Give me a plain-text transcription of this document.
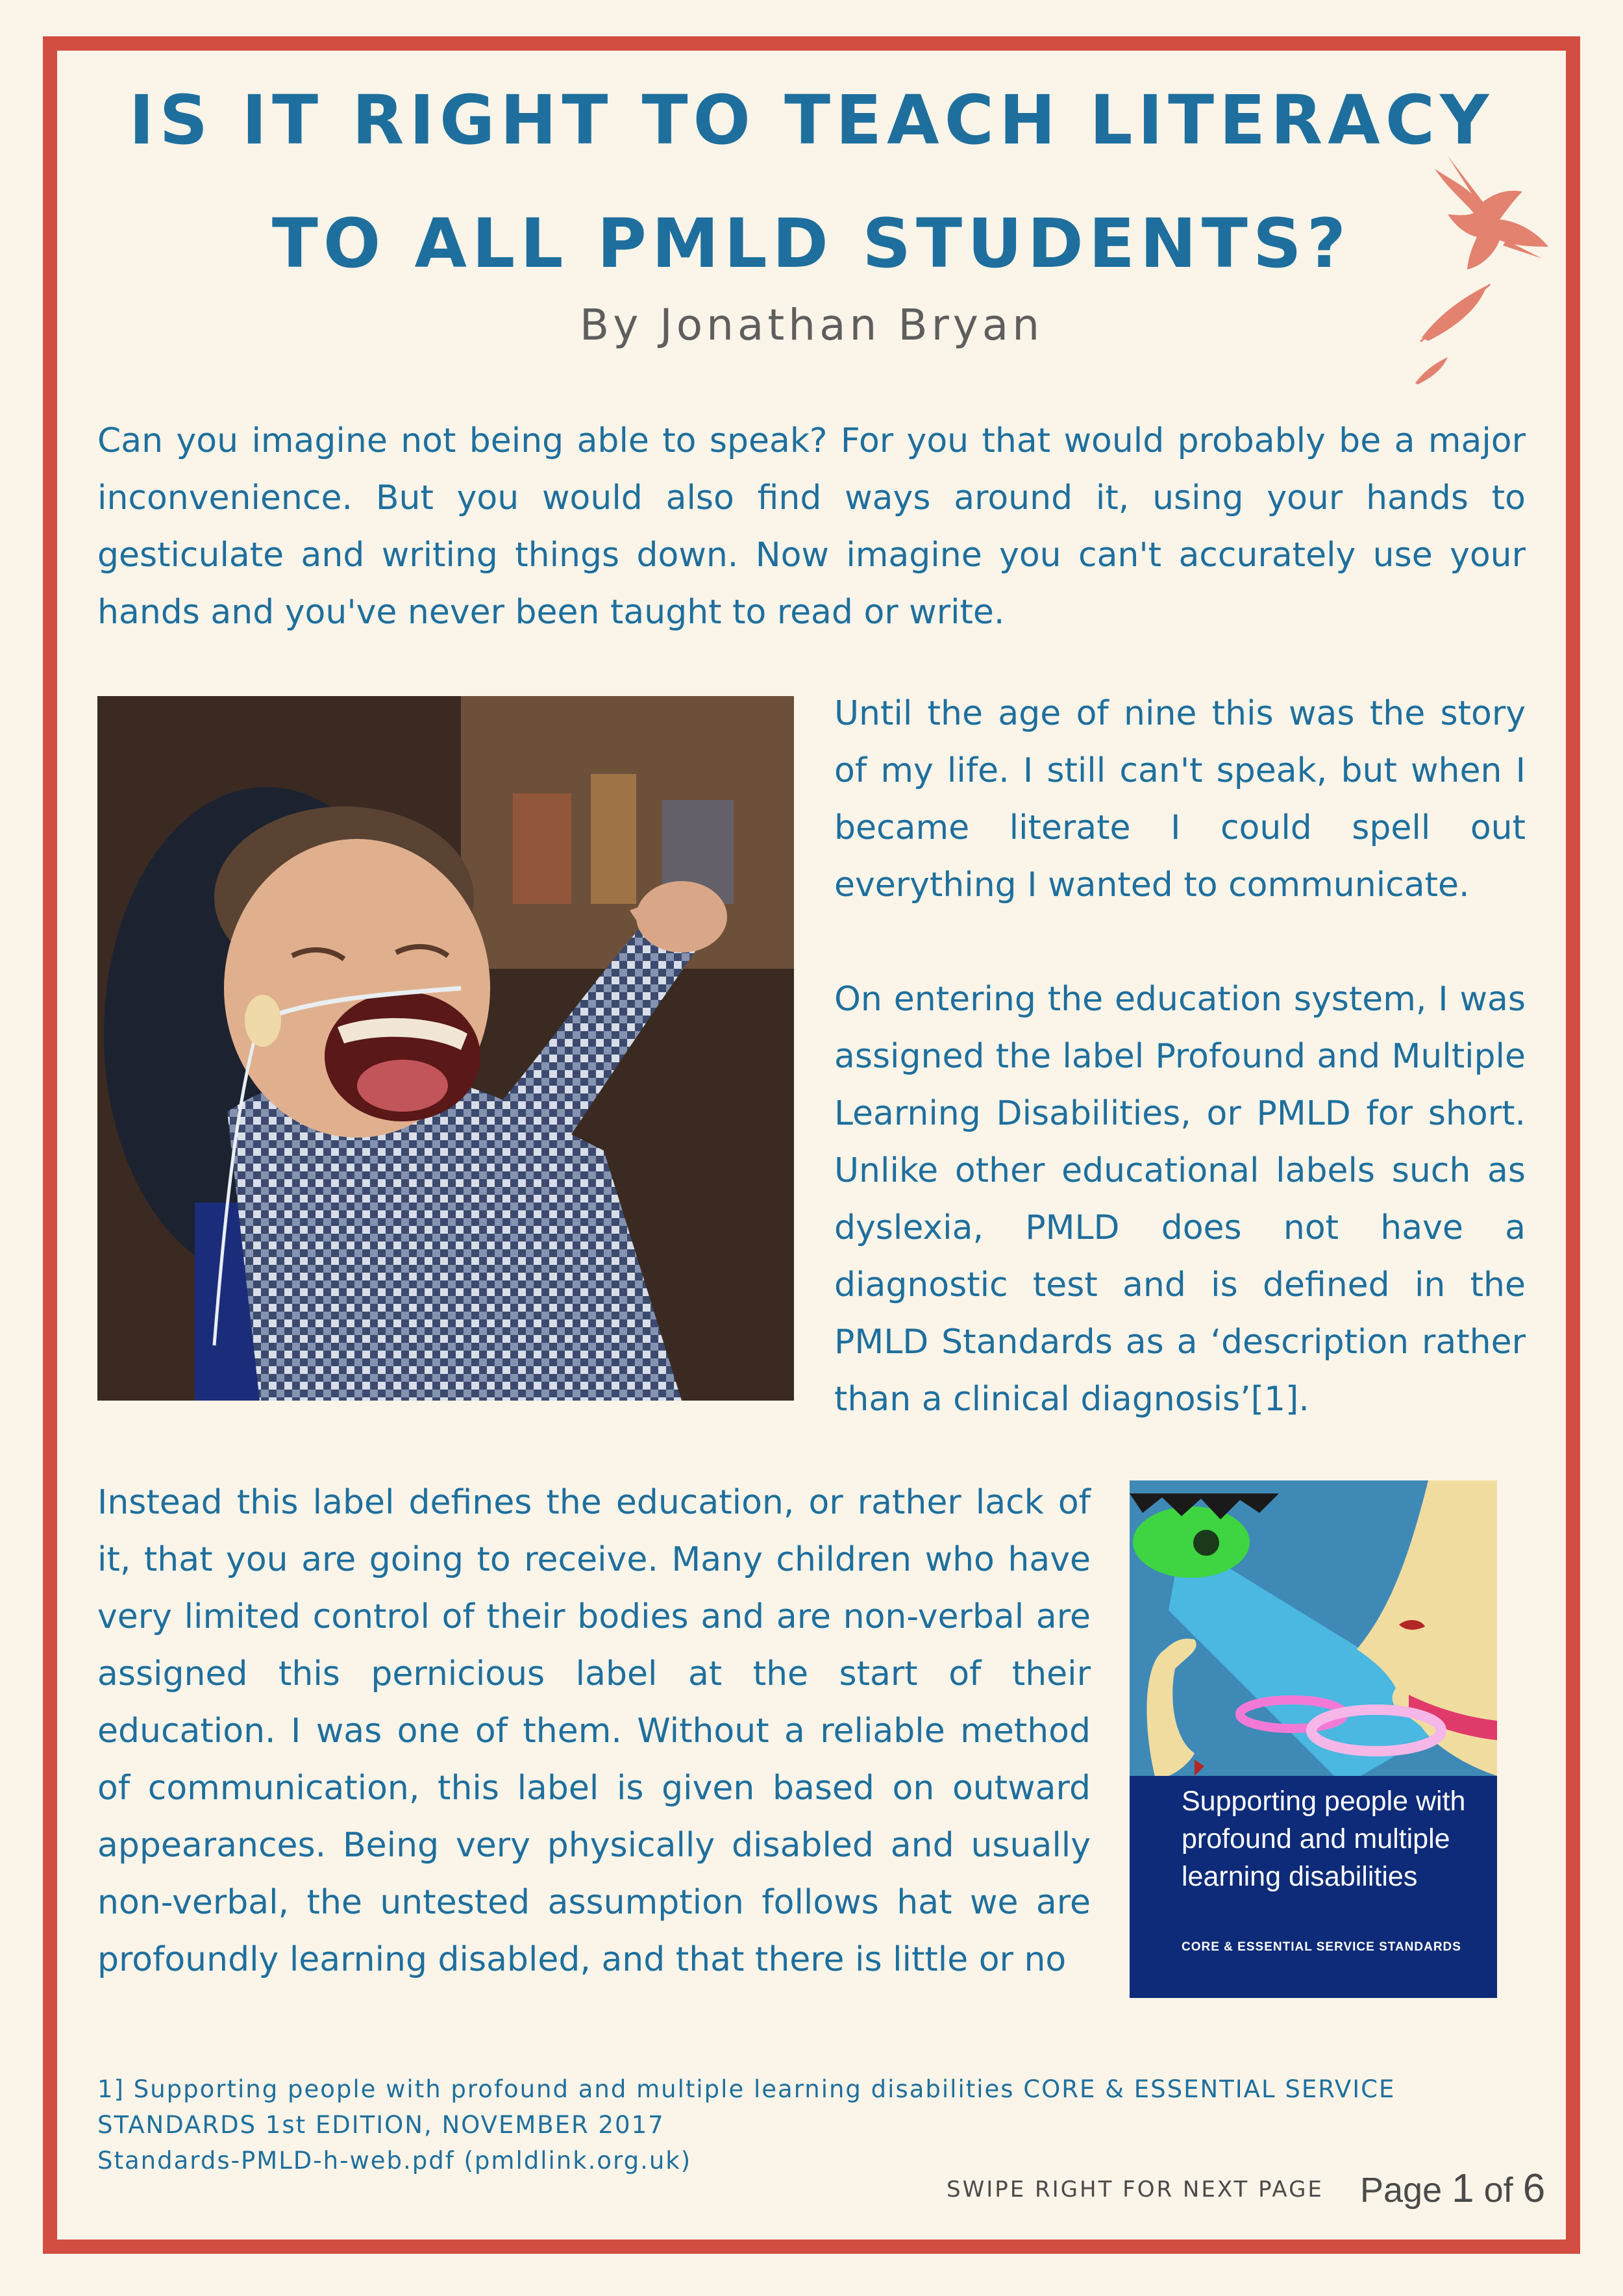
IS IT RIGHT TO TEACH LITERACY
TO ALL PMLD STUDENTS?

By Jonathan Bryan

Can you imagine not being able to speak? For you that would probably be a major inconvenience. But you would also find ways around it, using your hands to gesticulate and writing things down. Now imagine you can't accurately use your hands and you've never been taught to read or write.

Until the age of nine this was the story of my life. I still can't speak, but when I became literate I could spell out everything I wanted to communicate.

On entering the education system, I was assigned the label Profound and Multiple Learning Disabilities, or PMLD for short. Unlike other educational labels such as dyslexia, PMLD does not have a diagnostic test and is defined in the PMLD Standards as a ‘description rather than a clinical diagnosis’[1].

Instead this label defines the education, or rather lack of it, that you are going to receive. Many children who have very limited control of their bodies and are non-verbal are assigned this pernicious label at the start of their education. I was one of them. Without a reliable method of communication, this label is given based on outward appearances. Being very physically disabled and usually non-verbal, the untested assumption follows hat we are profoundly learning disabled, and that there is little or no

Supporting people with profound and multiple learning disabilities

CORE & ESSENTIAL SERVICE STANDARDS

1] Supporting people with profound and multiple learning disabilities CORE & ESSENTIAL SERVICE
STANDARDS 1st EDITION, NOVEMBER 2017
Standards-PMLD-h-web.pdf (pmldlink.org.uk)

SWIPE RIGHT FOR NEXT PAGE Page 1 of 6
